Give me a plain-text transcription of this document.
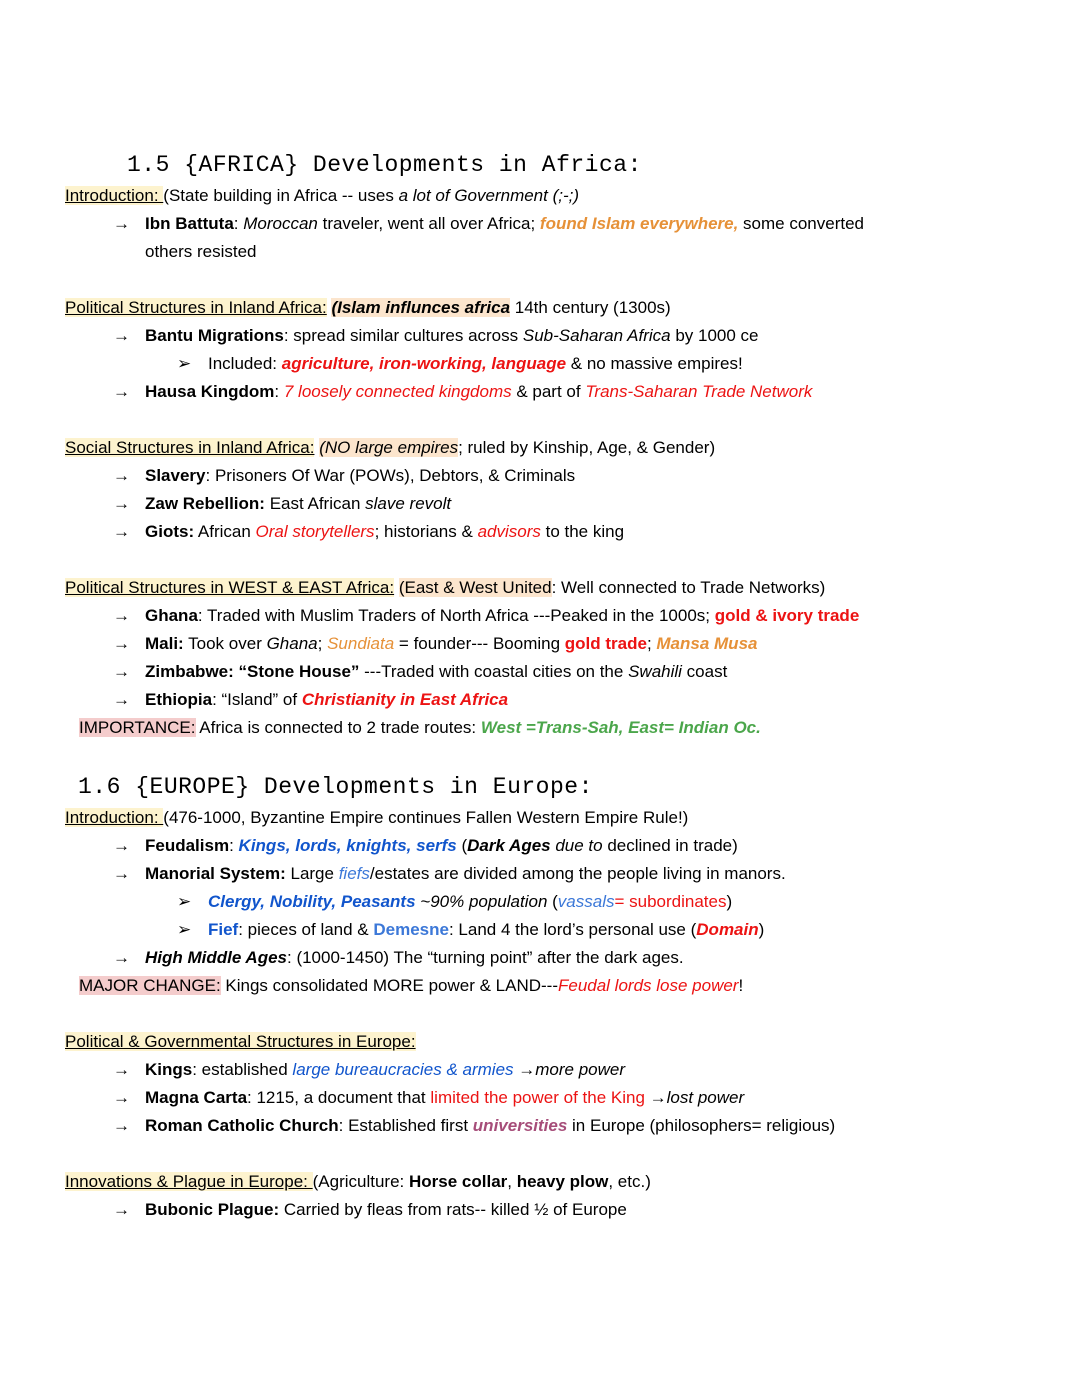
1.5 {AFRICA} Developments in Africa:
Introduction: (State building in Africa -- uses a lot of Government (;-;)
→ Ibn Battuta: Moroccan traveler, went all over Africa; found Islam everywhere, some converted
others resisted
Political Structures in Inland Africa: (Islam influnces africa 14th century (1300s)
→ Bantu Migrations: spread similar cultures across Sub-Saharan Africa by 1000 ce
➢ Included: agriculture, iron-working, language & no massive empires!
→ Hausa Kingdom: 7 loosely connected kingdoms & part of Trans-Saharan Trade Network
Social Structures in Inland Africa: (NO large empires; ruled by Kinship, Age, & Gender)
→ Slavery: Prisoners Of War (POWs), Debtors, & Criminals
→ Zaw Rebellion: East African slave revolt
→ Giots: African Oral storytellers; historians & advisors to the king
Political Structures in WEST & EAST Africa: (East & West United: Well connected to Trade Networks)
→ Ghana: Traded with Muslim Traders of North Africa ---Peaked in the 1000s; gold & ivory trade
→ Mali: Took over Ghana; Sundiata = founder--- Booming gold trade; Mansa Musa
→ Zimbabwe: “Stone House” ---Traded with coastal cities on the Swahili coast
→ Ethiopia: “Island” of Christianity in East Africa
IMPORTANCE: Africa is connected to 2 trade routes: West =Trans-Sah, East= Indian Oc.
1.6 {EUROPE} Developments in Europe:
Introduction: (476-1000, Byzantine Empire continues Fallen Western Empire Rule!)
→ Feudalism: Kings, lords, knights, serfs (Dark Ages due to declined in trade)
→ Manorial System: Large fiefs/estates are divided among the people living in manors.
➢ Clergy, Nobility, Peasants ~90% population (vassals= subordinates)
➢ Fief: pieces of land & Demesne: Land 4 the lord’s personal use (Domain)
→ High Middle Ages: (1000-1450) The “turning point” after the dark ages.
MAJOR CHANGE: Kings consolidated MORE power & LAND---Feudal lords lose power!
Political & Governmental Structures in Europe:
→ Kings: established large bureaucracies & armies →more power
→ Magna Carta: 1215, a document that limited the power of the King →lost power
→ Roman Catholic Church: Established first universities in Europe (philosophers= religious)
Innovations & Plague in Europe: (Agriculture: Horse collar, heavy plow, etc.)
→ Bubonic Plague: Carried by fleas from rats-- killed ½ of Europe
